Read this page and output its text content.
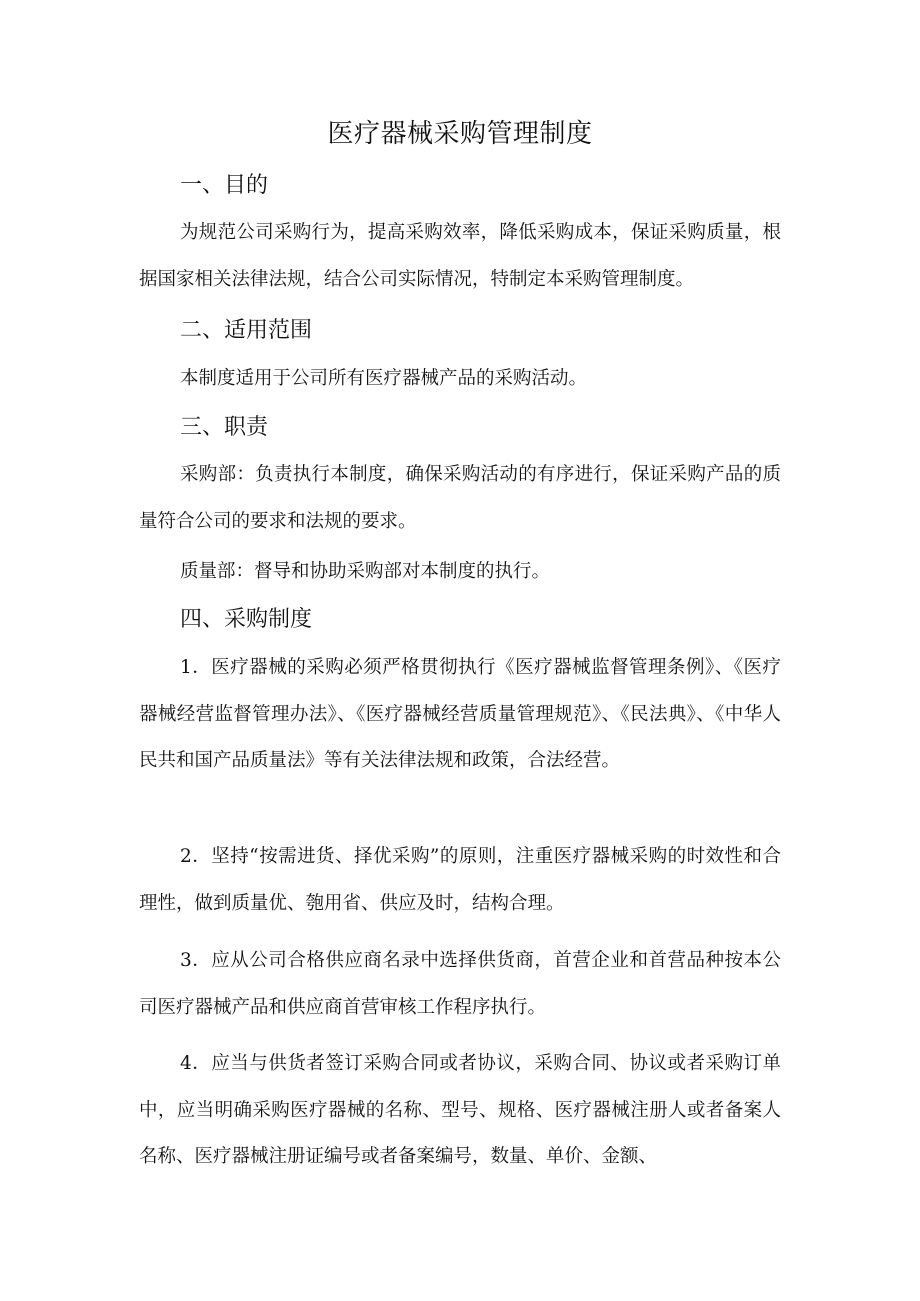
医疗器械采购管理制度
一、目的

为规范公司采购行为，提高采购效率，降低采购成本，保证采购质量，根据国家相关法律法规，结合公司实际情况，特制定本采购管理制度。

二、适用范围

本制度适用于公司所有医疗器械产品的采购活动。

三、职责

采购部：负责执行本制度，确保采购活动的有序进行，保证采购产品的质量符合公司的要求和法规的要求。

质量部：督导和协助采购部对本制度的执行。

四、采购制度

1．医疗器械的采购必须严格贯彻执行《医疗器械监督管理条例》、《医疗器械经营监督管理办法》、《医疗器械经营质量管理规范》、《民法典》、《中华人民共和国产品质量法》等有关法律法规和政策，合法经营。

2．坚持“按需进货、择优采购”的原则，注重医疗器械采购的时效性和合理性，做到质量优、匏用省、供应及时，结构合理。

3．应从公司合格供应商名录中选择供货商，首营企业和首营品种按本公司医疗器械产品和供应商首营审核工作程序执行。

4．应当与供货者签订采购合同或者协议，采购合同、协议或者采购订单中，应当明确采购医疗器械的名称、型号、规格、医疗器械注册人或者备案人名称、医疗器械注册证编号或者备案编号，数量、单价、金额、
